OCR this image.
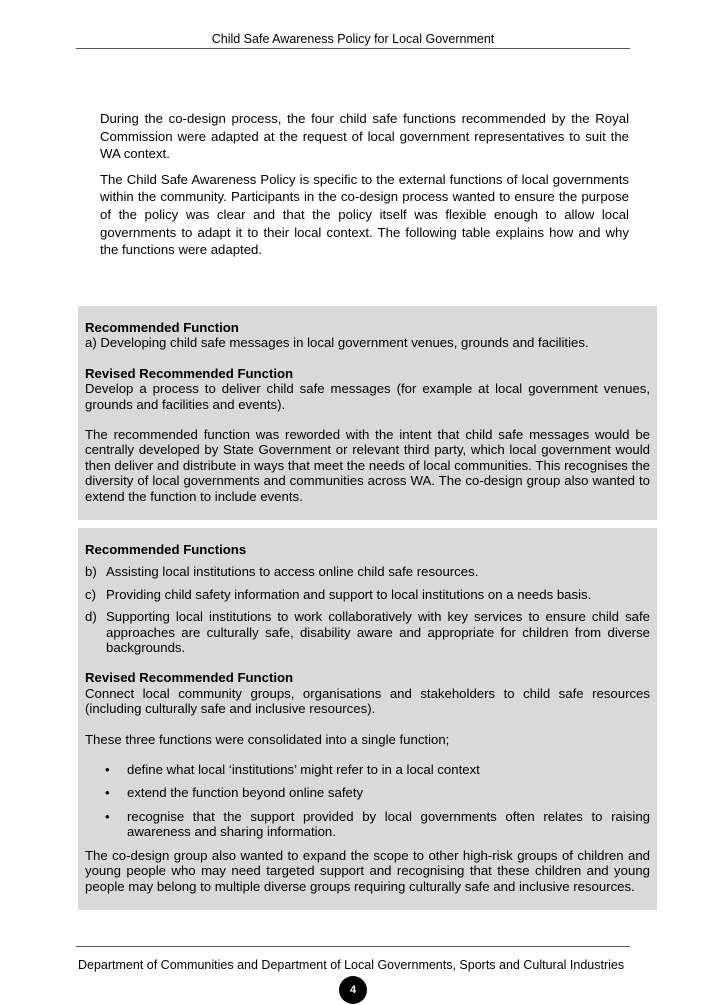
Child Safe Awareness Policy for Local Government

During the co-design process, the four child safe functions recommended by the Royal Commission were adapted at the request of local government representatives to suit the WA context.

The Child Safe Awareness Policy is specific to the external functions of local governments within the community. Participants in the co-design process wanted to ensure the purpose of the policy was clear and that the policy itself was flexible enough to allow local governments to adapt it to their local context. The following table explains how and why the functions were adapted.

Recommended Function

a) Developing child safe messages in local government venues, grounds and facilities.

Revised Recommended Function

Develop a process to deliver child safe messages (for example at local government venues, grounds and facilities and events).

The recommended function was reworded with the intent that child safe messages would be centrally developed by State Government or relevant third party, which local government would then deliver and distribute in ways that meet the needs of local communities. This recognises the diversity of local governments and communities across WA. The co-design group also wanted to extend the function to include events.

Recommended Functions

b) Assisting local institutions to access online child safe resources.
c) Providing child safety information and support to local institutions on a needs basis.
d) Supporting local institutions to work collaboratively with key services to ensure child safe approaches are culturally safe, disability aware and appropriate for children from diverse backgrounds.

Revised Recommended Function

Connect local community groups, organisations and stakeholders to child safe resources (including culturally safe and inclusive resources).

These three functions were consolidated into a single function;

• define what local ‘institutions’ might refer to in a local context
• extend the function beyond online safety
• recognise that the support provided by local governments often relates to raising awareness and sharing information.

The co-design group also wanted to expand the scope to other high-risk groups of children and young people who may need targeted support and recognising that these children and young people may belong to multiple diverse groups requiring culturally safe and inclusive resources.

Department of Communities and Department of Local Governments, Sports and Cultural Industries
4
